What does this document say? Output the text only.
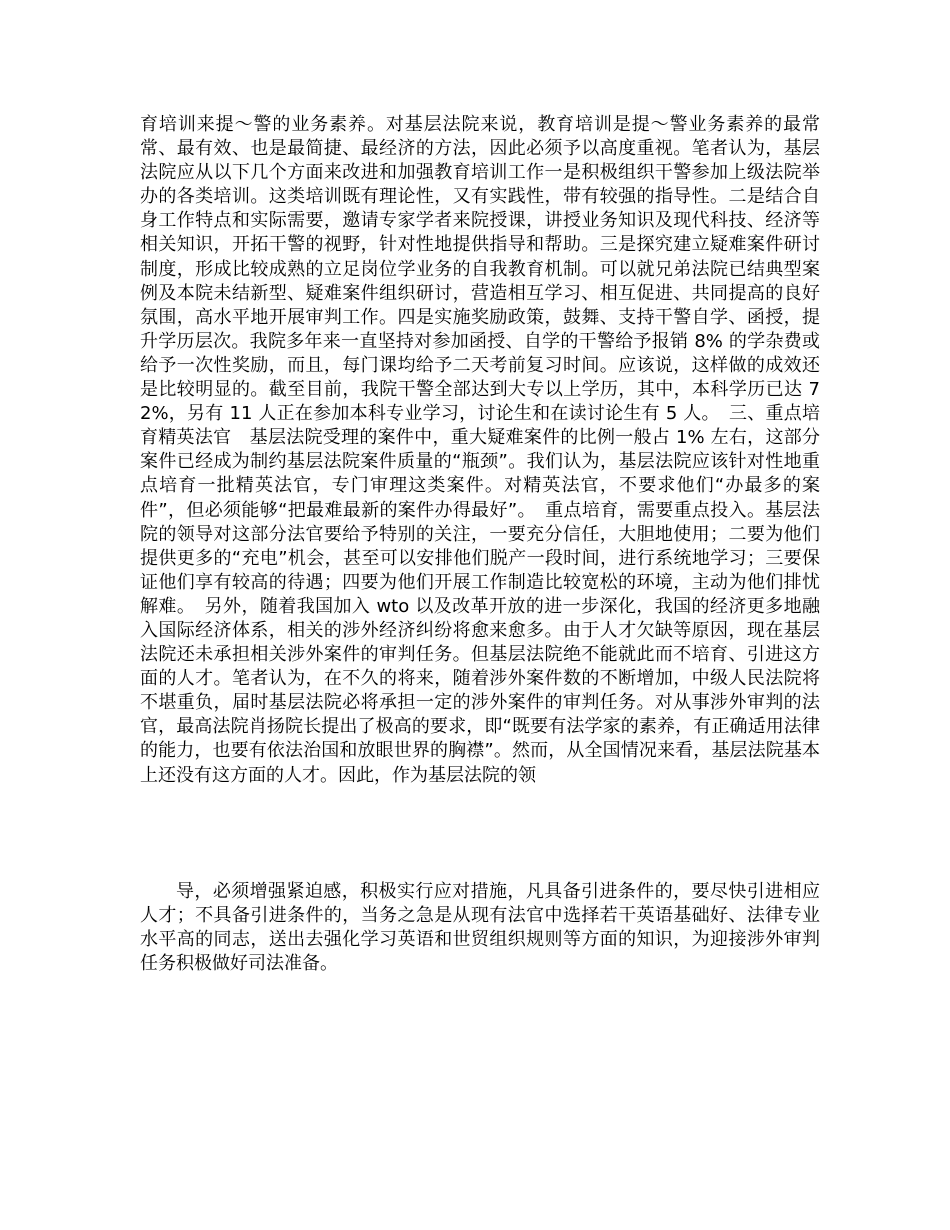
育培训来提～警的业务素养。对基层法院来说，教育培训是提～警业务素养的最常常、最有效、也是最简捷、最经济的方法，因此必须予以高度重视。笔者认为，基层法院应从以下几个方面来改进和加强教育培训工作一是积极组织干警参加上级法院举办的各类培训。这类培训既有理论性，又有实践性，带有较强的指导性。二是结合自身工作特点和实际需要，邀请专家学者来院授课，讲授业务知识及现代科技、经济等相关知识，开拓干警的视野，针对性地提供指导和帮助。三是探究建立疑难案件研讨制度，形成比较成熟的立足岗位学业务的自我教育机制。可以就兄弟法院已结典型案例及本院未结新型、疑难案件组织研讨，营造相互学习、相互促进、共同提高的良好氛围，高水平地开展审判工作。四是实施奖励政策，鼓舞、支持干警自学、函授，提升学历层次。我院多年来一直坚持对参加函授、自学的干警给予报销 8% 的学杂费或给予一次性奖励，而且，每门课均给予二天考前复习时间。应该说，这样做的成效还是比较明显的。截至目前，我院干警全部达到大专以上学历，其中，本科学历已达 72%，另有 11 人正在参加本科专业学习，讨论生和在读讨论生有 5 人。　三、重点培育精英法官　基层法院受理的案件中，重大疑难案件的比例一般占 1% 左右，这部分案件已经成为制约基层法院案件质量的“瓶颈”。我们认为，基层法院应该针对性地重点培育一批精英法官，专门审理这类案件。对精英法官，不要求他们“办最多的案件”，但必须能够“把最难最新的案件办得最好”。　重点培育，需要重点投入。基层法院的领导对这部分法官要给予特别的关注，一要充分信任，大胆地使用；二要为他们提供更多的“充电”机会，甚至可以安排他们脱产一段时间，进行系统地学习；三要保证他们享有较高的待遇；四要为他们开展工作制造比较宽松的环境，主动为他们排忧解难。　另外，随着我国加入 wto 以及改革开放的进一步深化，我国的经济更多地融入国际经济体系，相关的涉外经济纠纷将愈来愈多。由于人才欠缺等原因，现在基层法院还未承担相关涉外案件的审判任务。但基层法院绝不能就此而不培育、引进这方面的人才。笔者认为，在不久的将来，随着涉外案件数的不断增加，中级人民法院将不堪重负，届时基层法院必将承担一定的涉外案件的审判任务。对从事涉外审判的法官，最高法院肖扬院长提出了极高的要求，即“既要有法学家的素养，有正确适用法律的能力，也要有依法治国和放眼世界的胸襟”。然而，从全国情况来看，基层法院基本上还没有这方面的人才。因此，作为基层法院的领

导，必须增强紧迫感，积极实行应对措施，凡具备引进条件的，要尽快引进相应人才；不具备引进条件的，当务之急是从现有法官中选择若干英语基础好、法律专业水平高的同志，送出去强化学习英语和世贸组织规则等方面的知识，为迎接涉外审判任务积极做好司法准备。
